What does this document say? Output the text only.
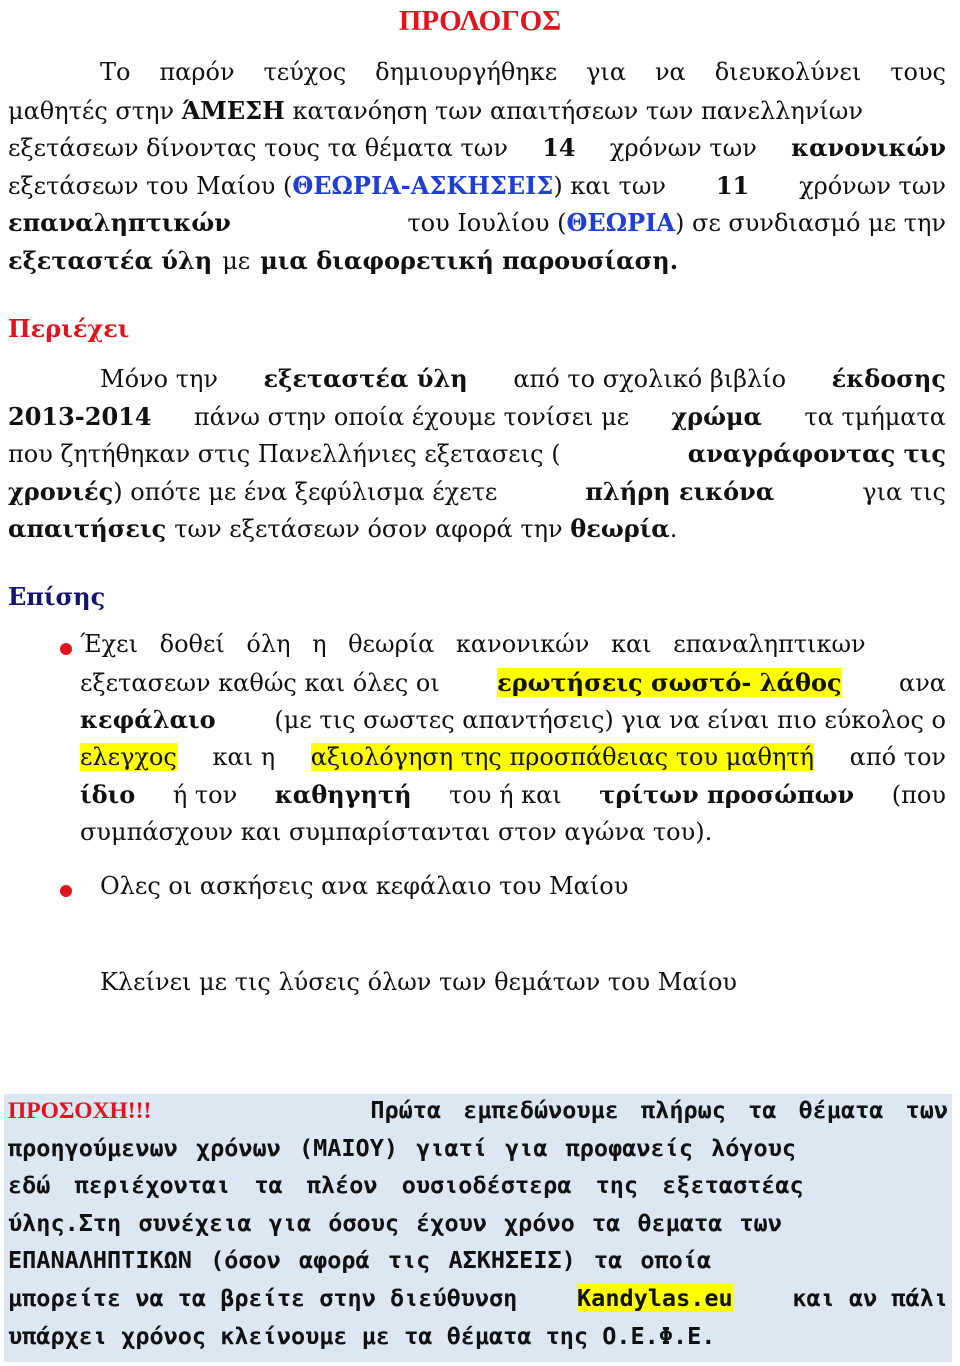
ΠΡΟΛΟΓΟΣ
Το παρόν τεύχος δημιουργήθηκε για να διευκολύνει τους
μαθητές στην ΆΜΕΣΗ κατανόηση των απαιτήσεων των πανελληνίων
εξετάσεων δίνοντας τους τα θέματα των 14 χρόνων των κανονικών
εξετάσεων του Μαίου (ΘΕΩΡΙΑ-ΑΣΚΗΣΕΙΣ) και των 11 χρόνων των
επαναληπτικών	του Ιουλίου (ΘΕΩΡΙΑ) σε συνδιασμό με την
εξεταστέα ύλη με μια διαφορετική παρουσίαση.
Περιέχει
Μόνο την εξεταστέα ύλη από το σχολικό βιβλίο έκδοσης
2013-2014 πάνω στην οποία έχουμε τονίσει με χρώμα τα τμήματα
που ζητήθηκαν στις Πανελλήνιες εξετασεις (	αναγράφοντας τις
χρονιές) οπότε με ένα ξεφύλισμα έχετε	πλήρη εικόνα	για τις
απαιτήσεις των εξετάσεων όσον αφορά την θεωρία.
Επίσης
Έχει δοθεί όλη η θεωρία κανονικών και επαναληπτικων
εξετασεων καθώς και όλες οι ερωτήσεις σωστό- λάθος ανα
κεφάλαιο (με τις σωστες απαντήσεις) για να είναι πιο εύκολος ο
ελεγχος και η αξιολόγηση της προσπάθειας του μαθητή από τον
ίδιο ή τον καθηγητή του ή και τρίτων προσώπων (που
συμπάσχουν και συμπαρίστανται στον αγώνα του).
Ολες οι ασκήσεις ανα κεφάλαιο του Μαίου
Κλείνει με τις λύσεις όλων των θεμάτων του Μαίου
ΠΡΟΣΟΧΗ!!!	Πρώτα εμπεδώνουμε πλήρως τα θέματα των
προηγούμενων χρόνων (ΜΑΙΟΥ) γιατί για προφανείς λόγους
εδώ περιέχονται τα πλέον ουσιοδέστερα της εξεταστέας
ύλης.Στη συνέχεια για όσους έχουν χρόνο τα θεματα των
ΕΠΑΝΑΛΗΠΤΙΚΩΝ (όσον αφορά τις ΑΣΚΗΣΕΙΣ) τα οποία
μπορείτε να τα βρείτε στην διεύθυνση	Kandylas.eu	και αν πάλι
υπάρχει χρόνος κλείνουμε με τα θέματα της Ο.Ε.Φ.Ε.
